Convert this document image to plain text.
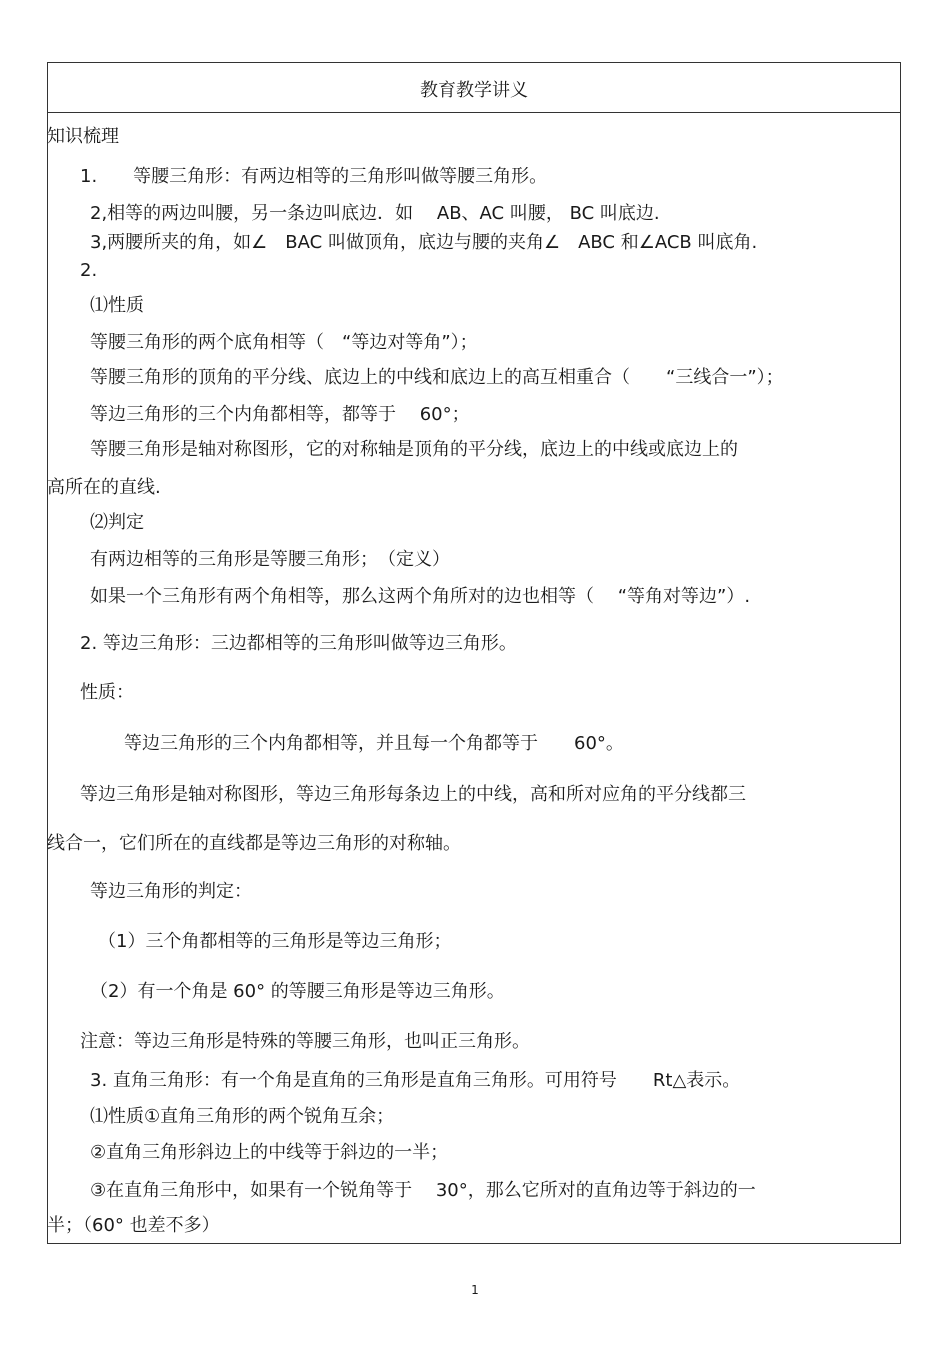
教育教学讲义
知识梳理
1.　　等腰三角形：有两边相等的三角形叫做等腰三角形。
2,相等的两边叫腰，另一条边叫底边．如　 AB、AC 叫腰， BC 叫底边.
3,两腰所夹的角，如∠　BAC 叫做顶角，底边与腰的夹角∠　ABC 和∠ACB 叫底角.
2.
⑴性质
等腰三角形的两个底角相等（　“等边对等角”）；
等腰三角形的顶角的平分线、底边上的中线和底边上的高互相重合（　　“三线合一”）；
等边三角形的三个内角都相等，都等于　 60°；
等腰三角形是轴对称图形，它的对称轴是顶角的平分线，底边上的中线或底边上的
高所在的直线.
⑵判定
有两边相等的三角形是等腰三角形；　（定义）
如果一个三角形有两个角相等，那么这两个角所对的边也相等（　 “等角对等边”）.
2. 等边三角形：三边都相等的三角形叫做等边三角形。
性质：
等边三角形的三个内角都相等，并且每一个角都等于　　60°。
等边三角形是轴对称图形，等边三角形每条边上的中线，高和所对应角的平分线都三
线合一，它们所在的直线都是等边三角形的对称轴。
等边三角形的判定：
（1）三个角都相等的三角形是等边三角形；
（2）有一个角是 60° 的等腰三角形是等边三角形。
注意：等边三角形是特殊的等腰三角形，也叫正三角形。
3. 直角三角形：有一个角是直角的三角形是直角三角形。可用符号　　Rt△表示。
⑴性质①直角三角形的两个锐角互余；
②直角三角形斜边上的中线等于斜边的一半；
③在直角三角形中，如果有一个锐角等于　 30°，那么它所对的直角边等于斜边的一
半；（60° 也差不多）
1
